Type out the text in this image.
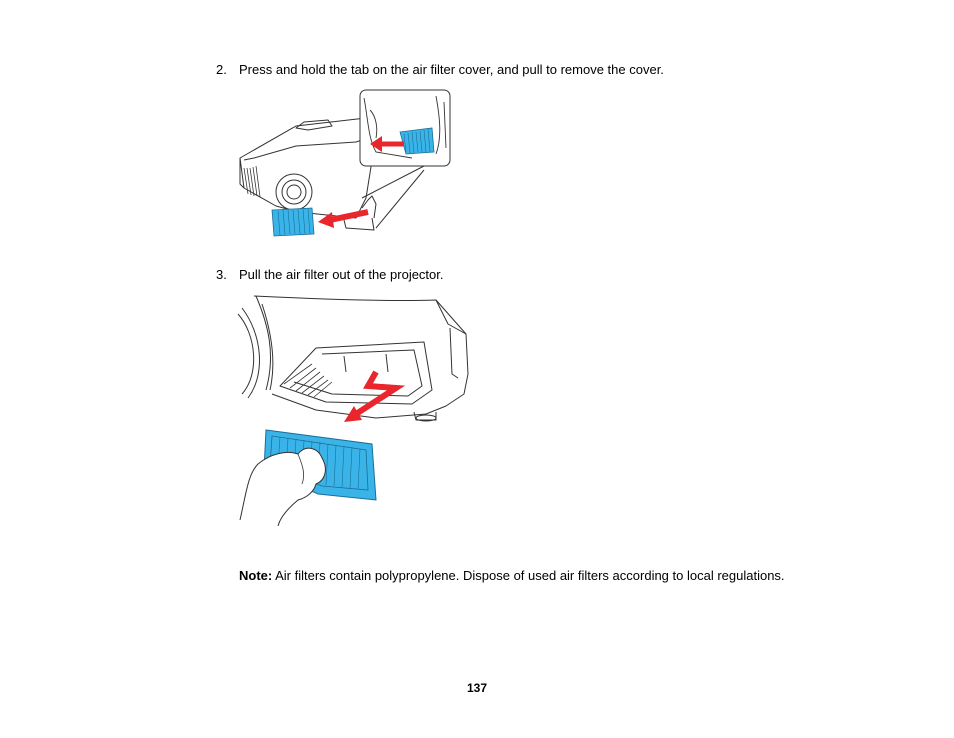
2. Press and hold the tab on the air filter cover, and pull to remove the cover.
3. Pull the air filter out of the projector.
Note: Air filters contain polypropylene. Dispose of used air filters according to local regulations.
137
